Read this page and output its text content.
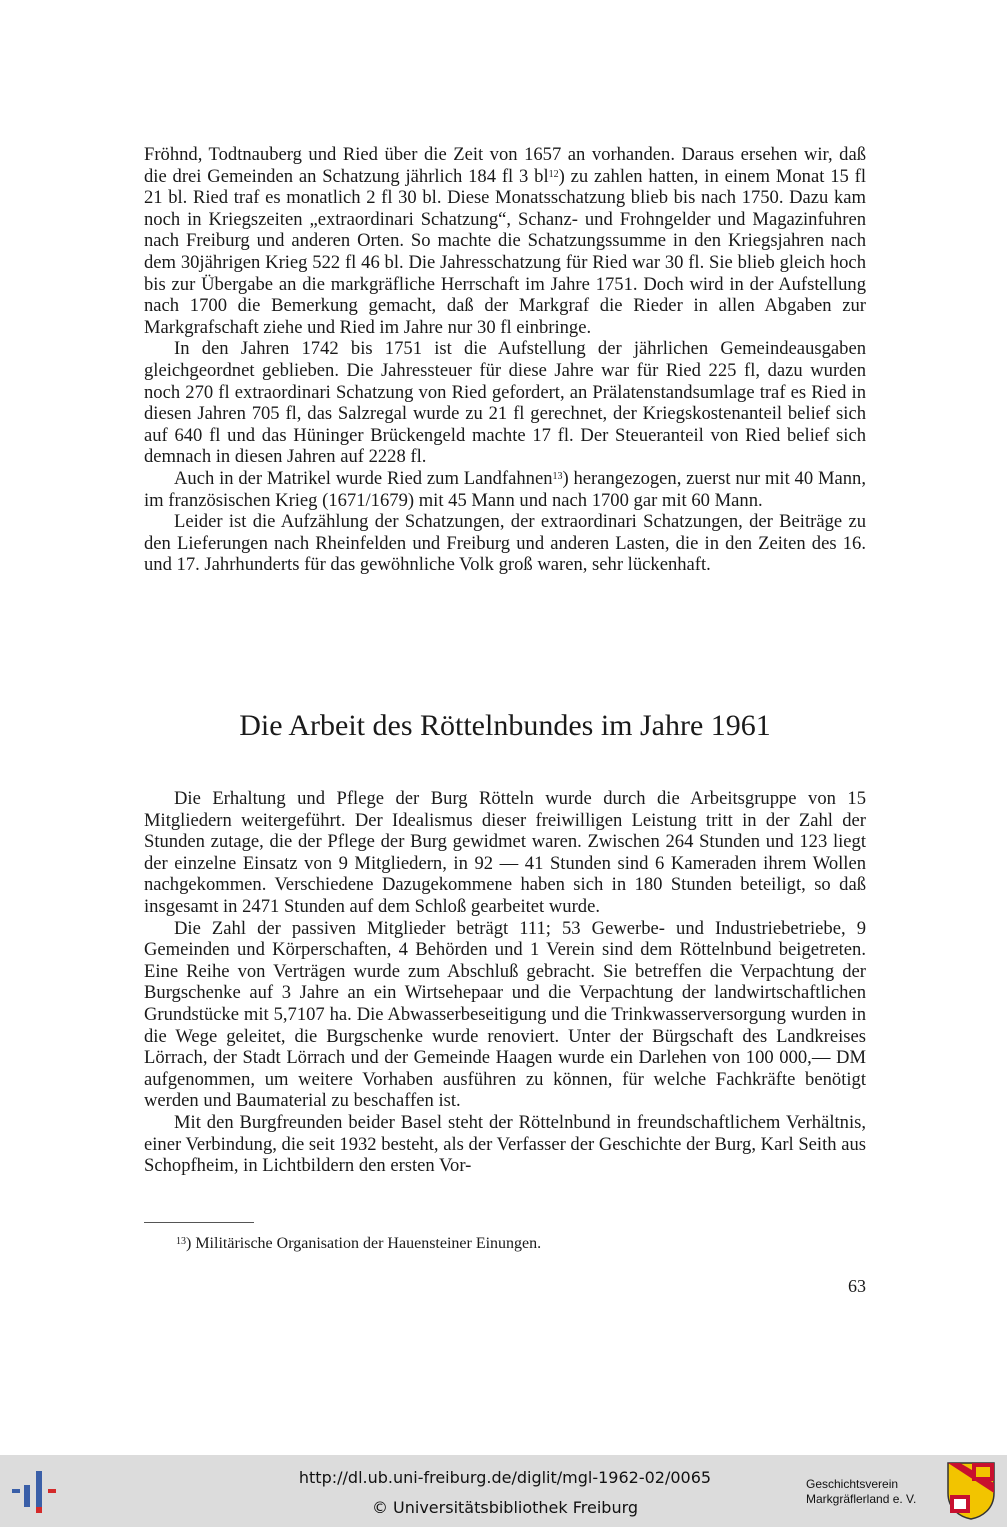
Fröhnd, Todtnauberg und Ried über die Zeit von 1657 an vorhanden. Daraus ersehen wir, daß die drei Gemeinden an Schatzung jährlich 184 fl 3 $bl^{12}$) zu zahlen hatten, in einem Monat 15 fl 21 bl. Ried traf es monatlich 2 fl 30 bl. Diese Monatsschatzung blieb bis nach 1750. Dazu kam noch in Kriegszeiten „extraordinari Schatzung“, Schanz- und Frohngelder und Magazinfuhren nach Freiburg und anderen Orten. So machte die Schatzungssumme in den Kriegsjahren nach dem 30jährigen Krieg 522 fl 46 bl. Die Jahresschatzung für Ried war 30 fl. Sie blieb gleich hoch bis zur Übergabe an die markgräfliche Herrschaft im Jahre 1751. Doch wird in der Aufstellung nach 1700 die Bemerkung gemacht, daß der Markgraf die Rieder in allen Abgaben zur Markgrafschaft ziehe und Ried im Jahre nur 30 fl einbringe.

In den Jahren 1742 bis 1751 ist die Aufstellung der jährlichen Gemeindeausgaben gleichgeordnet geblieben. Die Jahressteuer für diese Jahre war für Ried 225 fl, dazu wurden noch 270 fl extraordinari Schatzung von Ried gefordert, an Prälatenstandsumlage traf es Ried in diesen Jahren 705 fl, das Salzregal wurde zu 21 fl gerechnet, der Kriegskostenanteil belief sich auf 640 fl und das Hüninger Brückengeld machte 17 fl. Der Steueranteil von Ried belief sich demnach in diesen Jahren auf 2228 fl.

Auch in der Matrikel wurde Ried zum Landfahnen$^{13}$) herangezogen, zuerst nur mit 40 Mann, im französischen Krieg (1671/1679) mit 45 Mann und nach 1700 gar mit 60 Mann.

Leider ist die Aufzählung der Schatzungen, der extraordinari Schatzungen, der Beiträge zu den Lieferungen nach Rheinfelden und Freiburg und anderen Lasten, die in den Zeiten des 16. und 17. Jahrhunderts für das gewöhnliche Volk groß waren, sehr lückenhaft.

Die Arbeit des Röttelnbundes im Jahre 1961

Die Erhaltung und Pflege der Burg Rötteln wurde durch die Arbeitsgruppe von 15 Mitgliedern weitergeführt. Der Idealismus dieser freiwilligen Leistung tritt in der Zahl der Stunden zutage, die der Pflege der Burg gewidmet waren. Zwischen 264 Stunden und 123 liegt der einzelne Einsatz von 9 Mitgliedern, in 92 — 41 Stunden sind 6 Kameraden ihrem Wollen nachgekommen. Verschiedene Dazugekommene haben sich in 180 Stunden beteiligt, so daß insgesamt in 2471 Stunden auf dem Schloß gearbeitet wurde.

Die Zahl der passiven Mitglieder beträgt 111; 53 Gewerbe- und Industriebetriebe, 9 Gemeinden und Körperschaften, 4 Behörden und 1 Verein sind dem Röttelnbund beigetreten. Eine Reihe von Verträgen wurde zum Abschluß gebracht. Sie betreffen die Verpachtung der Burgschenke auf 3 Jahre an ein Wirtsehepaar und die Verpachtung der landwirtschaftlichen Grundstücke mit 5,7107 ha. Die Abwasserbeseitigung und die Trinkwasserversorgung wurden in die Wege geleitet, die Burgschenke wurde renoviert. Unter der Bürgschaft des Landkreises Lörrach, der Stadt Lörrach und der Gemeinde Haagen wurde ein Darlehen von 100 000,— DM aufgenommen, um weitere Vorhaben ausführen zu können, für welche Fachkräfte benötigt werden und Baumaterial zu beschaffen ist.

Mit den Burgfreunden beider Basel steht der Röttelnbund in freundschaftlichem Verhältnis, einer Verbindung, die seit 1932 besteht, als der Verfasser der Geschichte der Burg, Karl Seith aus Schopfheim, in Lichtbildern den ersten Vor-

$^{13}$) Militärische Organisation der Hauensteiner Einungen.
63
http://dl.ub.uni-freiburg.de/diglit/mgl-1962-02/0065
© Universitätsbibliothek Freiburg
Geschichtsverein
Markgräflerland e. V.
